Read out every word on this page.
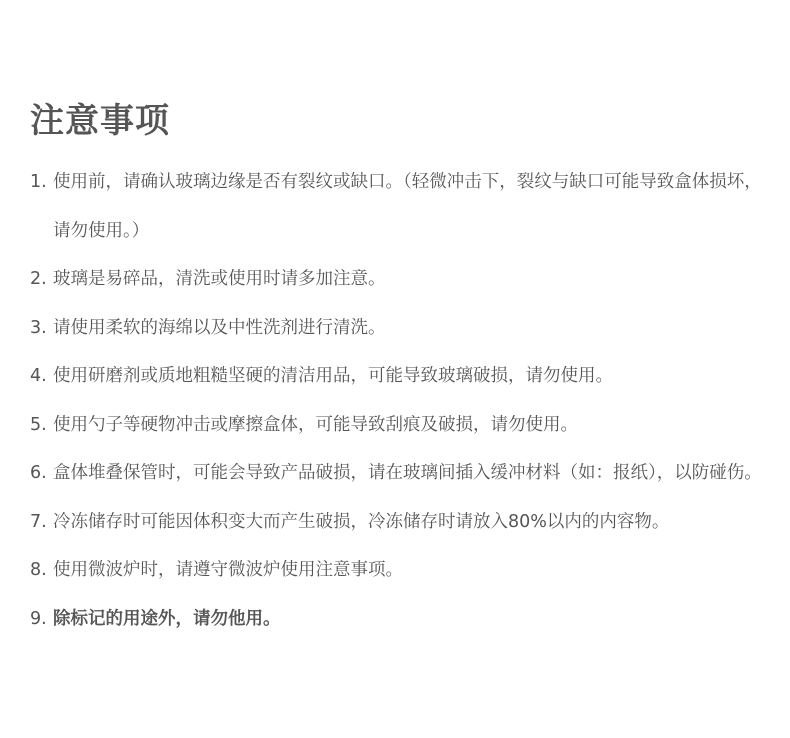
注意事项
1. 使用前，请确认玻璃边缘是否有裂纹或缺口。（轻微冲击下，裂纹与缺口可能导致盒体损坏，请勿使用。）
2. 玻璃是易碎品，清洗或使用时请多加注意。
3. 请使用柔软的海绵以及中性洗剂进行清洗。
4. 使用研磨剂或质地粗糙坚硬的清洁用品，可能导致玻璃破损，请勿使用。
5. 使用勺子等硬物冲击或摩擦盒体，可能导致刮痕及破损，请勿使用。
6. 盒体堆叠保管时，可能会导致产品破损，请在玻璃间插入缓冲材料（如：报纸），以防碰伤。
7. 冷冻储存时可能因体积变大而产生破损，冷冻储存时请放入80%以内的内容物。
8. 使用微波炉时，请遵守微波炉使用注意事项。
9. 除标记的用途外，请勿他用。
